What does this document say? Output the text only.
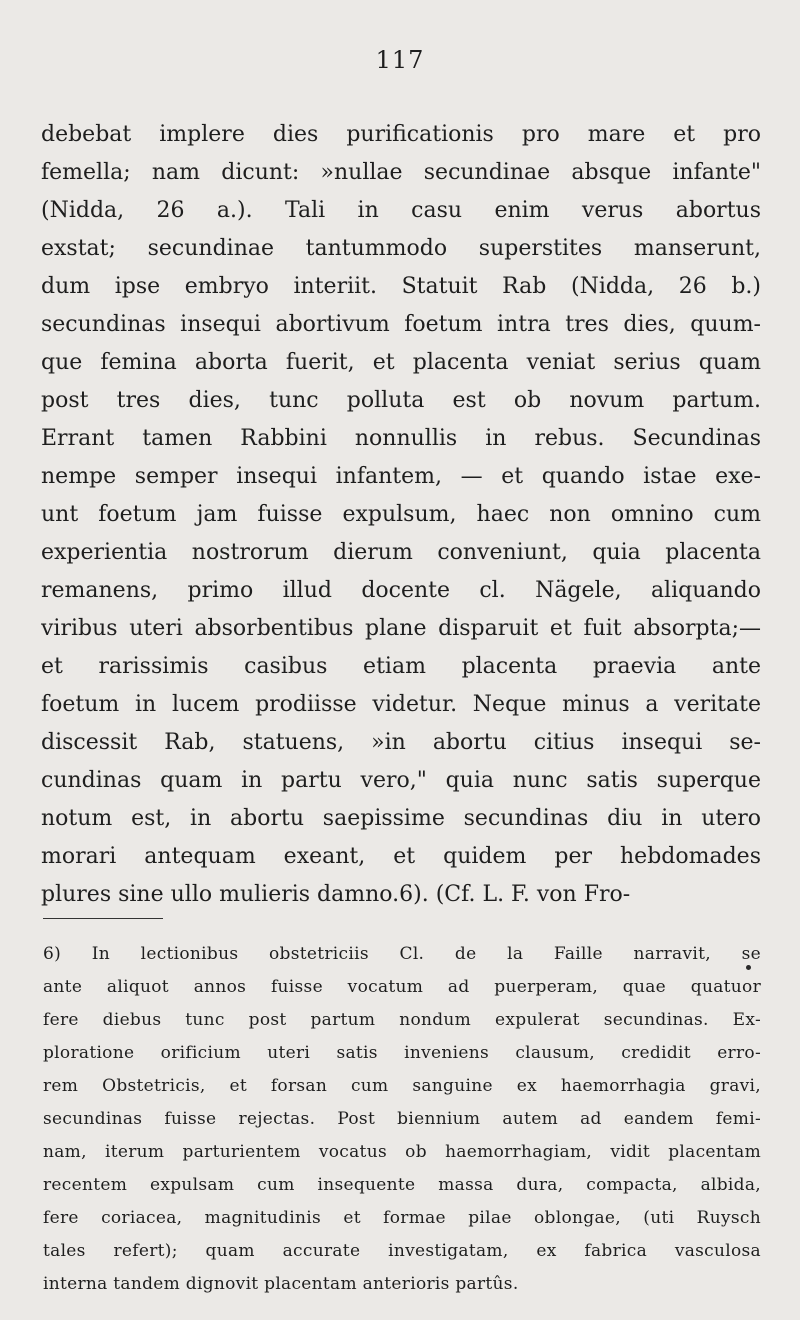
117
debebat implere dies purificationis pro mare et pro
femella; nam dicunt: »nullae secundinae absque infante"
(Nidda, 26 a.). Tali in casu enim verus abortus
exstat; secundinae tantummodo superstites manserunt,
dum ipse embryo interiit. Statuit Rab (Nidda, 26 b.)
secundinas insequi abortivum foetum intra tres dies, quum-
que femina aborta fuerit, et placenta veniat serius quam
post tres dies, tunc polluta est ob novum partum.
Errant tamen Rabbini nonnullis in rebus. Secundinas
nempe semper insequi infantem, — et quando istae exe-
unt foetum jam fuisse expulsum, haec non omnino cum
experientia nostrorum dierum conveniunt, quia placenta
remanens, primo illud docente cl. Nägele, aliquando
viribus uteri absorbentibus plane disparuit et fuit absorpta;—
et rarissimis casibus etiam placenta praevia ante
foetum in lucem prodiisse videtur. Neque minus a veritate
discessit Rab, statuens, »in abortu citius insequi se-
cundinas quam in partu vero," quia nunc satis superque
notum est, in abortu saepissime secundinas diu in utero
morari antequam exeant, et quidem per hebdomades
plures sine ullo mulieris damno.6). (Cf. L. F. von Fro-
6) In lectionibus obstetriciis Cl. de la Faille narravit, se
ante aliquot annos fuisse vocatum ad puerperam, quae quatuor
fere diebus tunc post partum nondum expulerat secundinas. Ex-
ploratione orificium uteri satis inveniens clausum, credidit erro-
rem Obstetricis, et forsan cum sanguine ex haemorrhagia gravi,
secundinas fuisse rejectas. Post biennium autem ad eandem femi-
nam, iterum parturientem vocatus ob haemorrhagiam, vidit placentam
recentem expulsam cum insequente massa dura, compacta, albida,
fere coriacea, magnitudinis et formae pilae oblongae, (uti Ruysch
tales refert); quam accurate investigatam, ex fabrica vasculosa
interna tandem dignovit placentam anterioris partûs.
